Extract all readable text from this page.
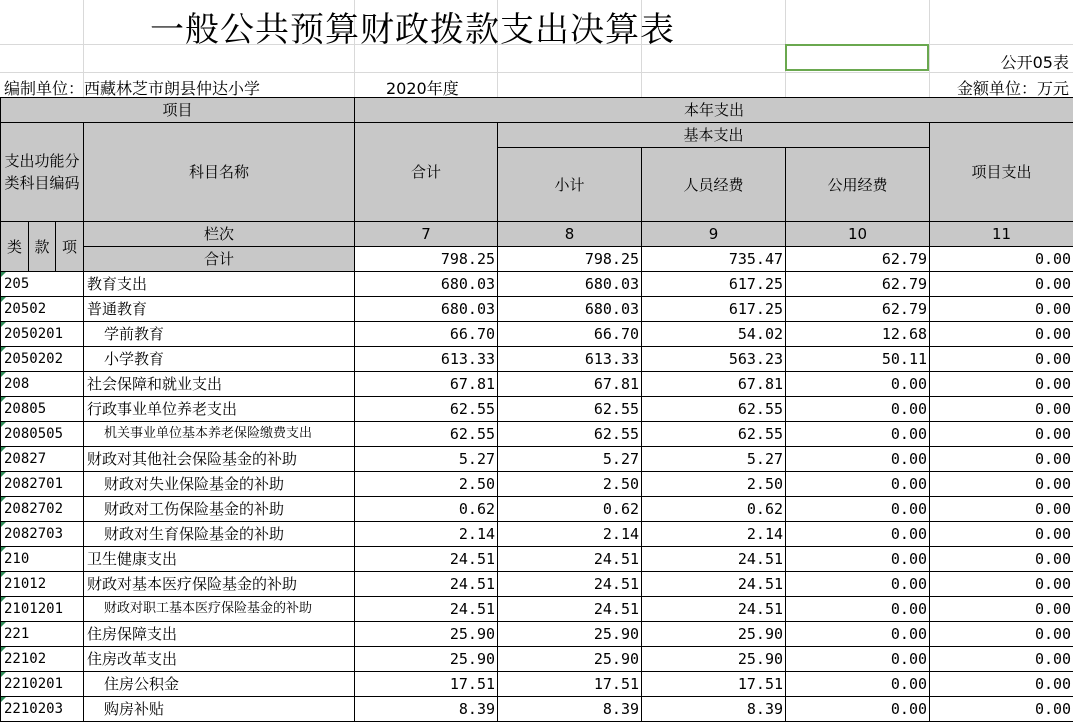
一般公共预算财政拨款支出决算表
公开05表
编制单位：西藏林芝市朗县仲达小学	2020年度	金额单位：万元
项目				本年支出				
支出功能分类科目编码			科目名称	合计	基本支出			项目支出
					小计	人员经费	公用经费	

类	款	项	栏次	7	8	9	10	11
			合计	798.25	798.25	735.47	62.79	0.00
205			教育支出	680.03	680.03	617.25	62.79	0.00
20502			普通教育	680.03	680.03	617.25	62.79	0.00
2050201			学前教育	66.70	66.70	54.02	12.68	0.00
2050202			小学教育	613.33	613.33	563.23	50.11	0.00
208			社会保障和就业支出	67.81	67.81	67.81	0.00	0.00
20805			行政事业单位养老支出	62.55	62.55	62.55	0.00	0.00
2080505			机关事业单位基本养老保险缴费支出	62.55	62.55	62.55	0.00	0.00
20827			财政对其他社会保险基金的补助	5.27	5.27	5.27	0.00	0.00
2082701			财政对失业保险基金的补助	2.50	2.50	2.50	0.00	0.00
2082702			财政对工伤保险基金的补助	0.62	0.62	0.62	0.00	0.00
2082703			财政对生育保险基金的补助	2.14	2.14	2.14	0.00	0.00
210			卫生健康支出	24.51	24.51	24.51	0.00	0.00
21012			财政对基本医疗保险基金的补助	24.51	24.51	24.51	0.00	0.00
2101201			财政对职工基本医疗保险基金的补助	24.51	24.51	24.51	0.00	0.00
221			住房保障支出	25.90	25.90	25.90	0.00	0.00
22102			住房改革支出	25.90	25.90	25.90	0.00	0.00
2210201			住房公积金	17.51	17.51	17.51	0.00	0.00
2210203			购房补贴	8.39	8.39	8.39	0.00	0.00
